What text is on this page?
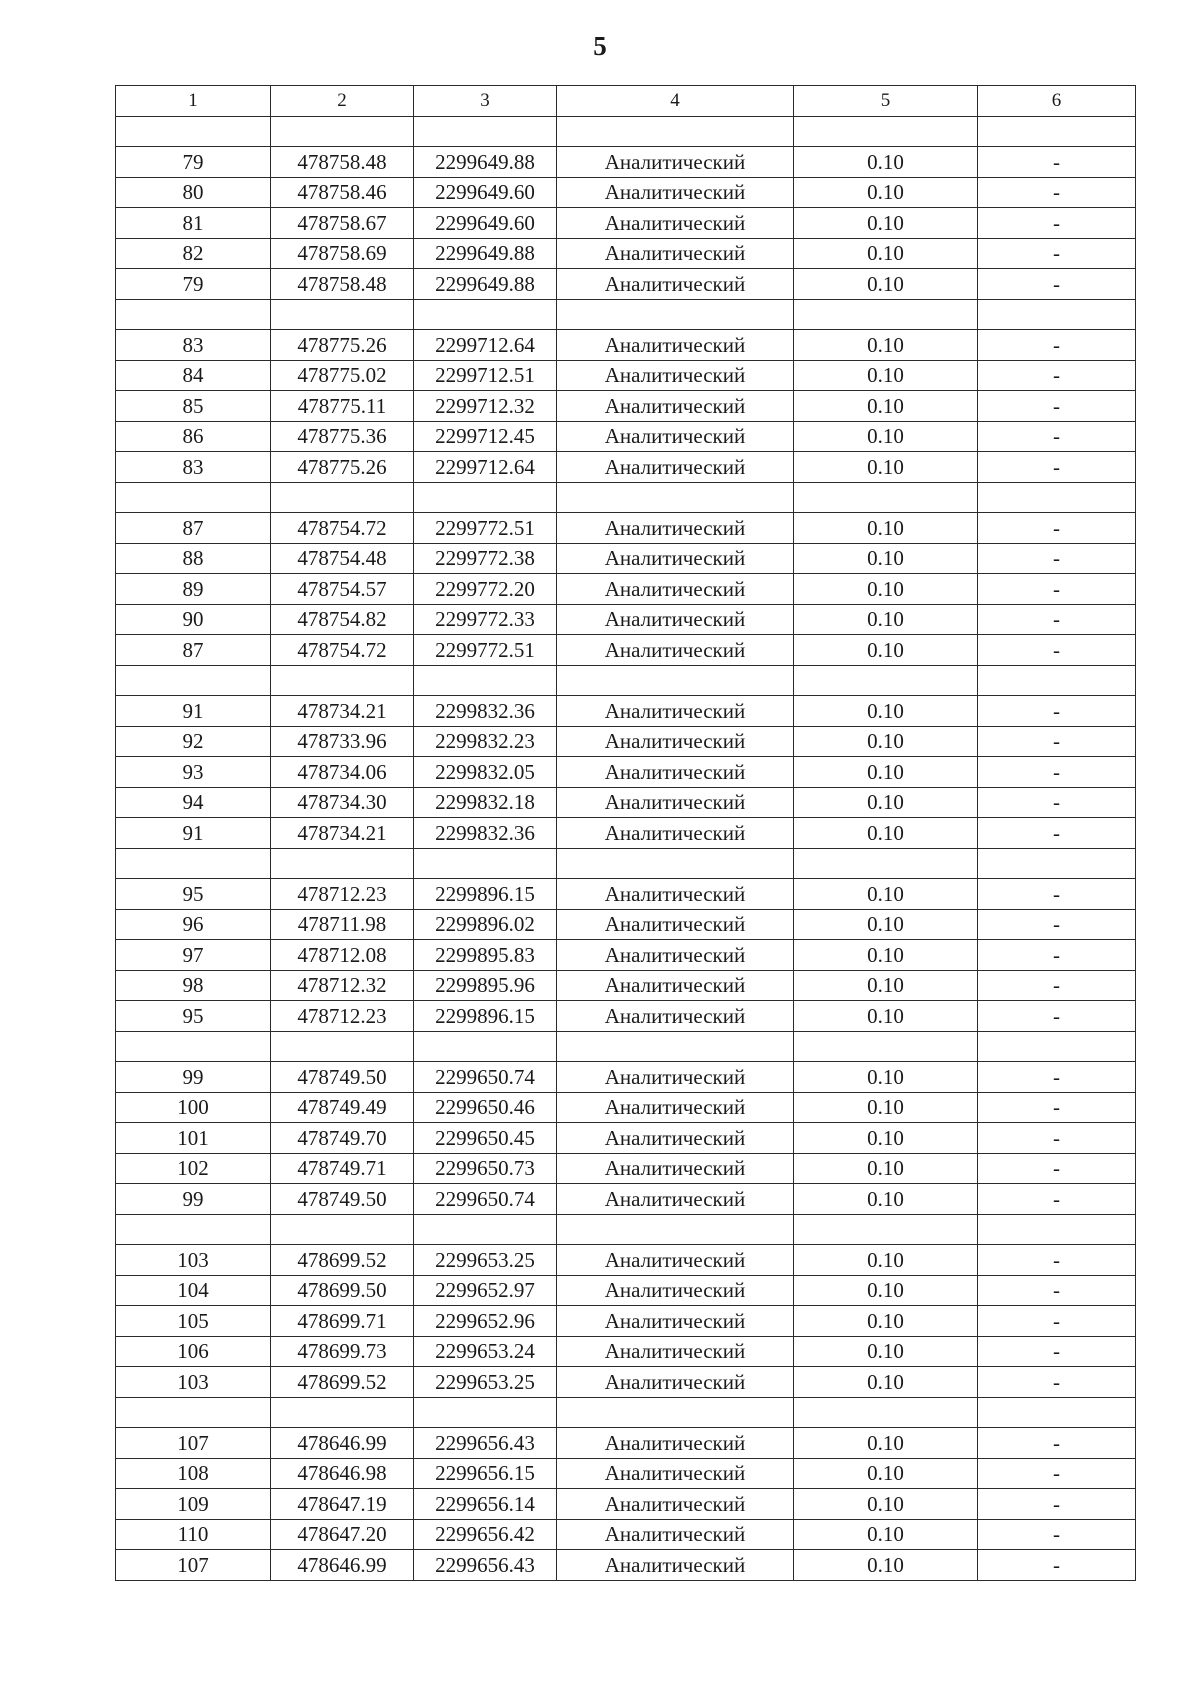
5
1	2	3	4	5	6

79	478758.48	2299649.88	Аналитический	0.10	-
80	478758.46	2299649.60	Аналитический	0.10	-
81	478758.67	2299649.60	Аналитический	0.10	-
82	478758.69	2299649.88	Аналитический	0.10	-
79	478758.48	2299649.88	Аналитический	0.10	-

83	478775.26	2299712.64	Аналитический	0.10	-
84	478775.02	2299712.51	Аналитический	0.10	-
85	478775.11	2299712.32	Аналитический	0.10	-
86	478775.36	2299712.45	Аналитический	0.10	-
83	478775.26	2299712.64	Аналитический	0.10	-

87	478754.72	2299772.51	Аналитический	0.10	-
88	478754.48	2299772.38	Аналитический	0.10	-
89	478754.57	2299772.20	Аналитический	0.10	-
90	478754.82	2299772.33	Аналитический	0.10	-
87	478754.72	2299772.51	Аналитический	0.10	-

91	478734.21	2299832.36	Аналитический	0.10	-
92	478733.96	2299832.23	Аналитический	0.10	-
93	478734.06	2299832.05	Аналитический	0.10	-
94	478734.30	2299832.18	Аналитический	0.10	-
91	478734.21	2299832.36	Аналитический	0.10	-

95	478712.23	2299896.15	Аналитический	0.10	-
96	478711.98	2299896.02	Аналитический	0.10	-
97	478712.08	2299895.83	Аналитический	0.10	-
98	478712.32	2299895.96	Аналитический	0.10	-
95	478712.23	2299896.15	Аналитический	0.10	-

99	478749.50	2299650.74	Аналитический	0.10	-
100	478749.49	2299650.46	Аналитический	0.10	-
101	478749.70	2299650.45	Аналитический	0.10	-
102	478749.71	2299650.73	Аналитический	0.10	-
99	478749.50	2299650.74	Аналитический	0.10	-

103	478699.52	2299653.25	Аналитический	0.10	-
104	478699.50	2299652.97	Аналитический	0.10	-
105	478699.71	2299652.96	Аналитический	0.10	-
106	478699.73	2299653.24	Аналитический	0.10	-
103	478699.52	2299653.25	Аналитический	0.10	-

107	478646.99	2299656.43	Аналитический	0.10	-
108	478646.98	2299656.15	Аналитический	0.10	-
109	478647.19	2299656.14	Аналитический	0.10	-
110	478647.20	2299656.42	Аналитический	0.10	-
107	478646.99	2299656.43	Аналитический	0.10	-
